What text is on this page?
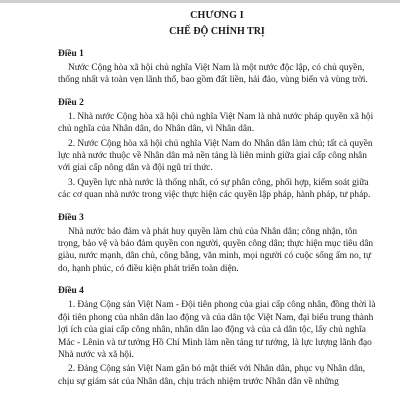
CHƯƠNG I
CHẾ ĐỘ CHÍNH TRỊ
Điều 1

Nước Cộng hòa xã hội chủ nghĩa Việt Nam là một nước độc lập, có chủ quyền, thống nhất và toàn vẹn lãnh thổ, bao gồm đất liền, hải đảo, vùng biển và vùng trời.

Điều 2

1. Nhà nước Cộng hòa xã hội chủ nghĩa Việt Nam là nhà nước pháp quyền xã hội chủ nghĩa của Nhân dân, do Nhân dân, vì Nhân dân.

2. Nước Cộng hòa xã hội chủ nghĩa Việt Nam do Nhân dân làm chủ; tất cả quyền lực nhà nước thuộc về Nhân dân mà nền tảng là liên minh giữa giai cấp công nhân với giai cấp nông dân và đội ngũ trí thức.

3. Quyền lực nhà nước là thống nhất, có sự phân công, phối hợp, kiểm soát giữa các cơ quan nhà nước trong việc thực hiện các quyền lập pháp, hành pháp, tư pháp.

Điều 3

Nhà nước bảo đảm và phát huy quyền làm chủ của Nhân dân; công nhận, tôn trọng, bảo vệ và bảo đảm quyền con người, quyền công dân; thực hiện mục tiêu dân giàu, nước mạnh, dân chủ, công bằng, văn minh, mọi người có cuộc sống ấm no, tự do, hạnh phúc, có điều kiện phát triển toàn diện.

Điều 4

1. Đảng Cộng sản Việt Nam - Đội tiên phong của giai cấp công nhân, đồng thời là đội tiên phong của nhân dân lao động và của dân tộc Việt Nam, đại biểu trung thành lợi ích của giai cấp công nhân, nhân dân lao động và của cả dân tộc, lấy chủ nghĩa Mác - Lênin và tư tưởng Hồ Chí Minh làm nền tảng tư tưởng, là lực lượng lãnh đạo Nhà nước và xã hội.

2. Đảng Cộng sản Việt Nam gắn bó mật thiết với Nhân dân, phục vụ Nhân dân, chịu sự giám sát của Nhân dân, chịu trách nhiệm trước Nhân dân về những
